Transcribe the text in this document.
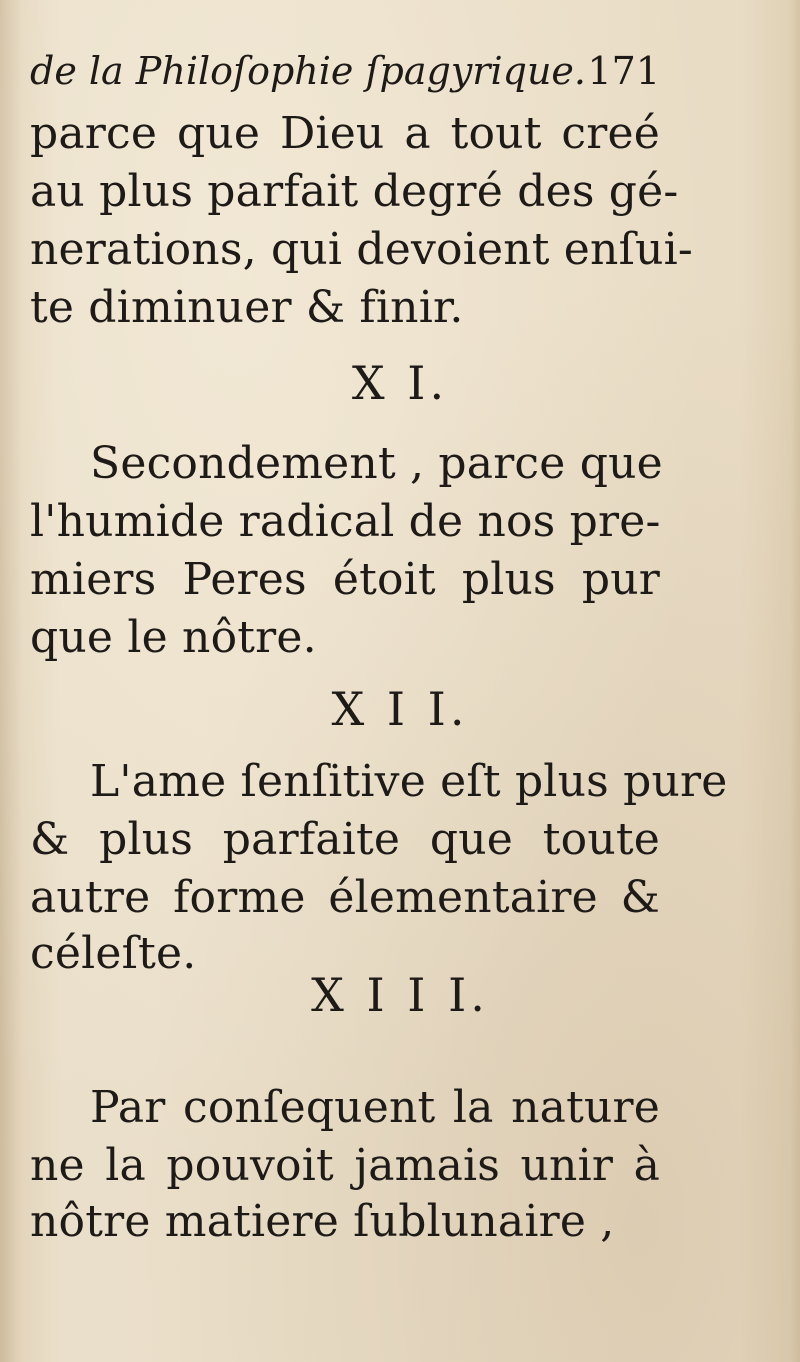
de la Philoſophie ſpagyrique. 171
parce que Dieu a tout creé
au plus parfait degré des gé-
nerations, qui devoient enſui-
te diminuer & finir.
X I.
Secondement , parce que
l'humide radical de nos pre-
miers Peres étoit plus pur
que le nôtre.
X I I.
L'ame ſenſitive eſt plus pure
& plus parfaite que toute
autre forme élementaire &
céleſte.
X I I I.
Par conſequent la nature
ne la pouvoit jamais unir à
nôtre matiere ſublunaire ,
